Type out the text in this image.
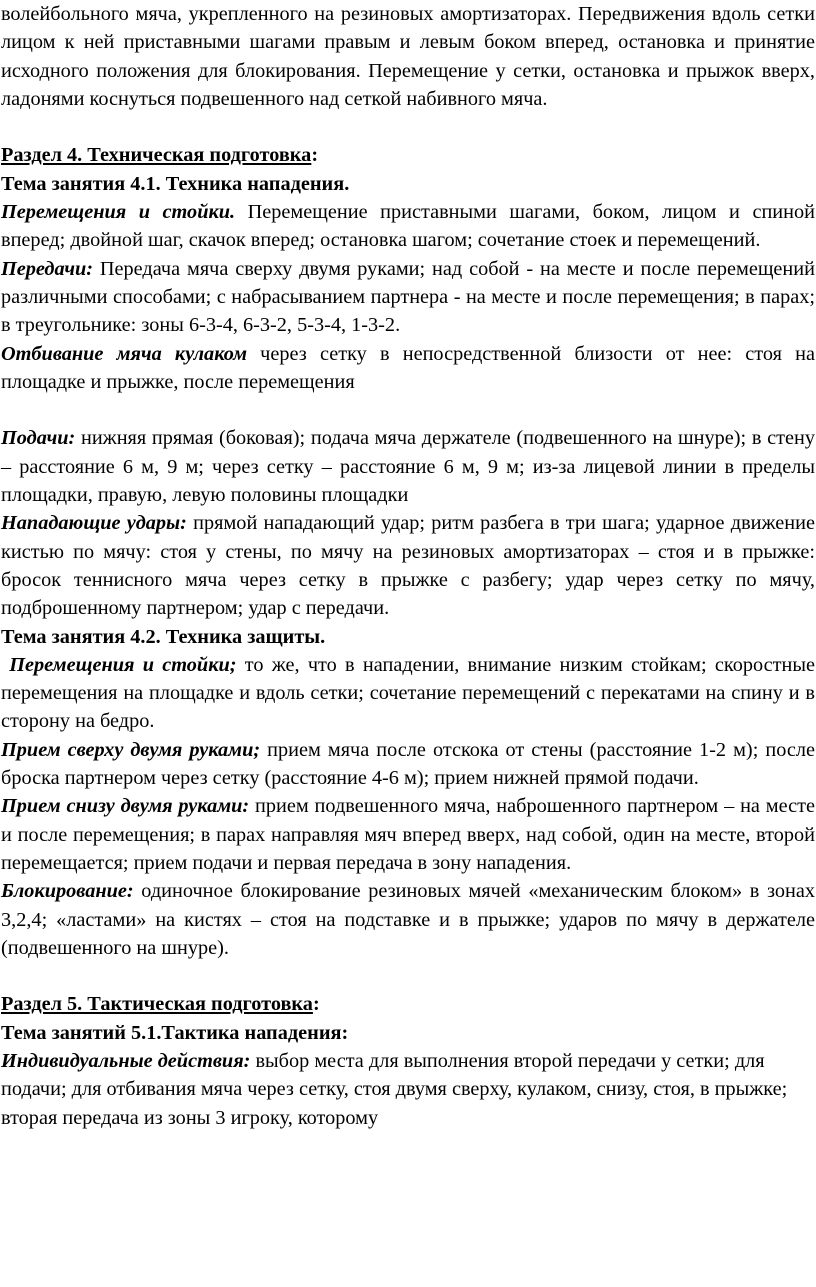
волейбольного мяча, укрепленного на резиновых амортизаторах. Передвижения вдоль сетки лицом к ней приставными шагами правым и левым боком вперед, остановка и принятие исходного положения для блокирования. Перемещение у сетки, остановка и прыжок вверх, ладонями коснуться подвешенного над сеткой набивного мяча.

Раздел 4. Техническая подготовка:

Тема занятия 4.1. Техника нападения.

Перемещения и стойки. Перемещение приставными шагами, боком, лицом и спиной вперед; двойной шаг, скачок вперед; остановка шагом; сочетание стоек и перемещений.

Передачи: Передача мяча сверху двумя руками; над собой - на месте и после перемещений различными способами; с набрасыванием партнера - на месте и после перемещения; в парах; в треугольнике: зоны 6-3-4, 6-3-2, 5-3-4, 1-3-2.

Отбивание мяча кулаком через сетку в непосредственной близости от нее: стоя на площадке и прыжке, после перемещения

Подачи: нижняя прямая (боковая); подача мяча держателе (подвешенного на шнуре); в стену – расстояние 6 м, 9 м; через сетку – расстояние 6 м, 9 м; из-за лицевой линии в пределы площадки, правую, левую половины площадки

Нападающие удары: прямой нападающий удар; ритм разбега в три шага; ударное движение кистью по мячу: стоя у стены, по мячу на резиновых амортизаторах – стоя и в прыжке: бросок теннисного мяча через сетку в прыжке с разбегу; удар через сетку по мячу, подброшенному партнером; удар с передачи.

Тема занятия 4.2. Техника защиты.

Перемещения и стойки; то же, что в нападении, внимание низким стойкам; скоростные перемещения на площадке и вдоль сетки; сочетание перемещений с перекатами на спину и в сторону на бедро.

Прием сверху двумя руками; прием мяча после отскока от стены (расстояние 1-2 м); после броска партнером через сетку (расстояние 4-6 м); прием нижней прямой подачи.

Прием снизу двумя руками: прием подвешенного мяча, наброшенного партнером – на месте и после перемещения; в парах направляя мяч вперед вверх, над собой, один на месте, второй перемещается; прием подачи и первая передача в зону нападения.

Блокирование: одиночное блокирование резиновых мячей «механическим блоком» в зонах 3,2,4; «ластами» на кистях – стоя на подставке и в прыжке; ударов по мячу в держателе (подвешенного на шнуре).

Раздел 5. Тактическая подготовка:

Тема занятий 5.1.Тактика нападения:

Индивидуальные действия: выбор места для выполнения второй передачи у сетки; для подачи; для отбивания мяча через сетку, стоя двумя сверху, кулаком, снизу, стоя, в прыжке; вторая передача из зоны 3 игроку, которому
